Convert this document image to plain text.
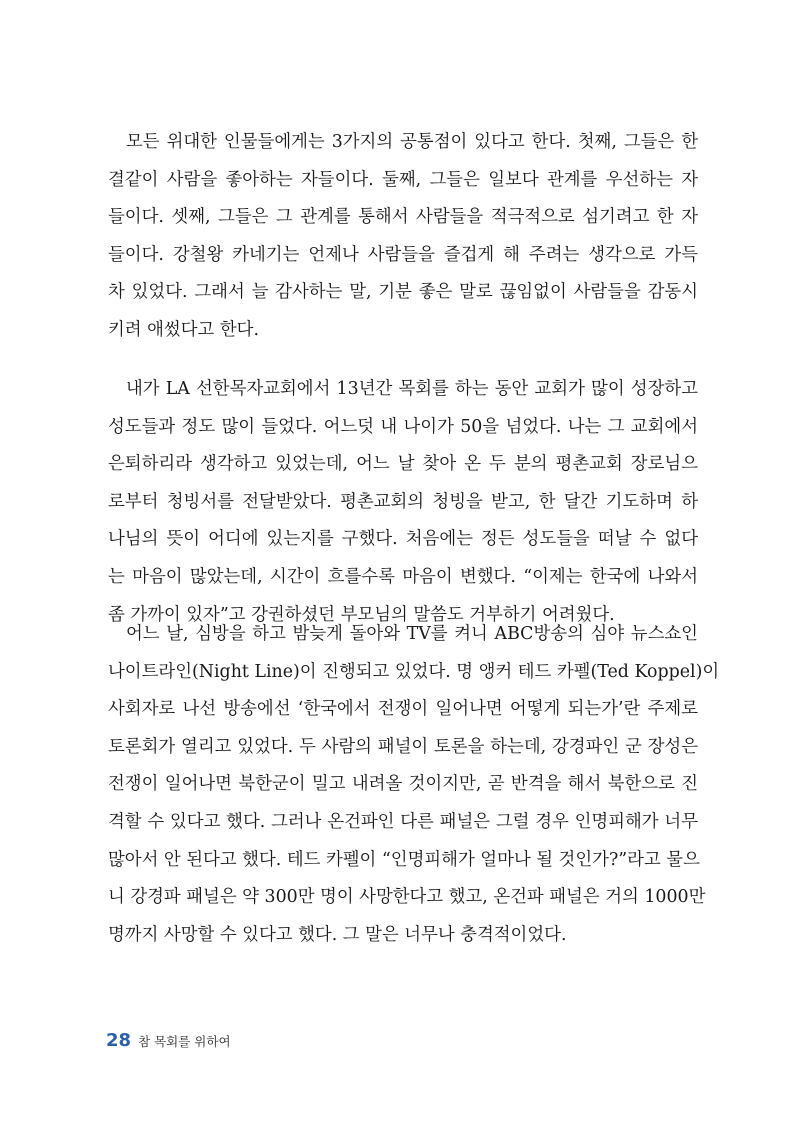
모든 위대한 인물들에게는 3가지의 공통점이 있다고 한다. 첫째, 그들은 한
결같이 사람을 좋아하는 자들이다. 둘째, 그들은 일보다 관계를 우선하는 자
들이다. 셋째, 그들은 그 관계를 통해서 사람들을 적극적으로 섬기려고 한 자
들이다. 강철왕 카네기는 언제나 사람들을 즐겁게 해 주려는 생각으로 가득
차 있었다. 그래서 늘 감사하는 말, 기분 좋은 말로 끊임없이 사람들을 감동시
키려 애썼다고 한다.
내가 LA 선한목자교회에서 13년간 목회를 하는 동안 교회가 많이 성장하고
성도들과 정도 많이 들었다. 어느덧 내 나이가 50을 넘었다. 나는 그 교회에서
은퇴하리라 생각하고 있었는데, 어느 날 찾아 온 두 분의 평촌교회 장로님으
로부터 청빙서를 전달받았다. 평촌교회의 청빙을 받고, 한 달간 기도하며 하
나님의 뜻이 어디에 있는지를 구했다. 처음에는 정든 성도들을 떠날 수 없다
는 마음이 많았는데, 시간이 흐를수록 마음이 변했다. “이제는 한국에 나와서
좀 가까이 있자”고 강권하셨던 부모님의 말씀도 거부하기 어려웠다.
어느 날, 심방을 하고 밤늦게 돌아와 TV를 켜니 ABC방송의 심야 뉴스쇼인
나이트라인(Night Line)이 진행되고 있었다. 명 앵커 테드 카펠(Ted Koppel)이
사회자로 나선 방송에선 ‘한국에서 전쟁이 일어나면 어떻게 되는가’란 주제로
토론회가 열리고 있었다. 두 사람의 패널이 토론을 하는데, 강경파인 군 장성은
전쟁이 일어나면 북한군이 밀고 내려올 것이지만, 곧 반격을 해서 북한으로 진
격할 수 있다고 했다. 그러나 온건파인 다른 패널은 그럴 경우 인명피해가 너무
많아서 안 된다고 했다. 테드 카펠이 “인명피해가 얼마나 될 것인가?”라고 물으
니 강경파 패널은 약 300만 명이 사망한다고 했고, 온건파 패널은 거의 1000만
명까지 사망할 수 있다고 했다. 그 말은 너무나 충격적이었다.
28 참 목회를 위하여
